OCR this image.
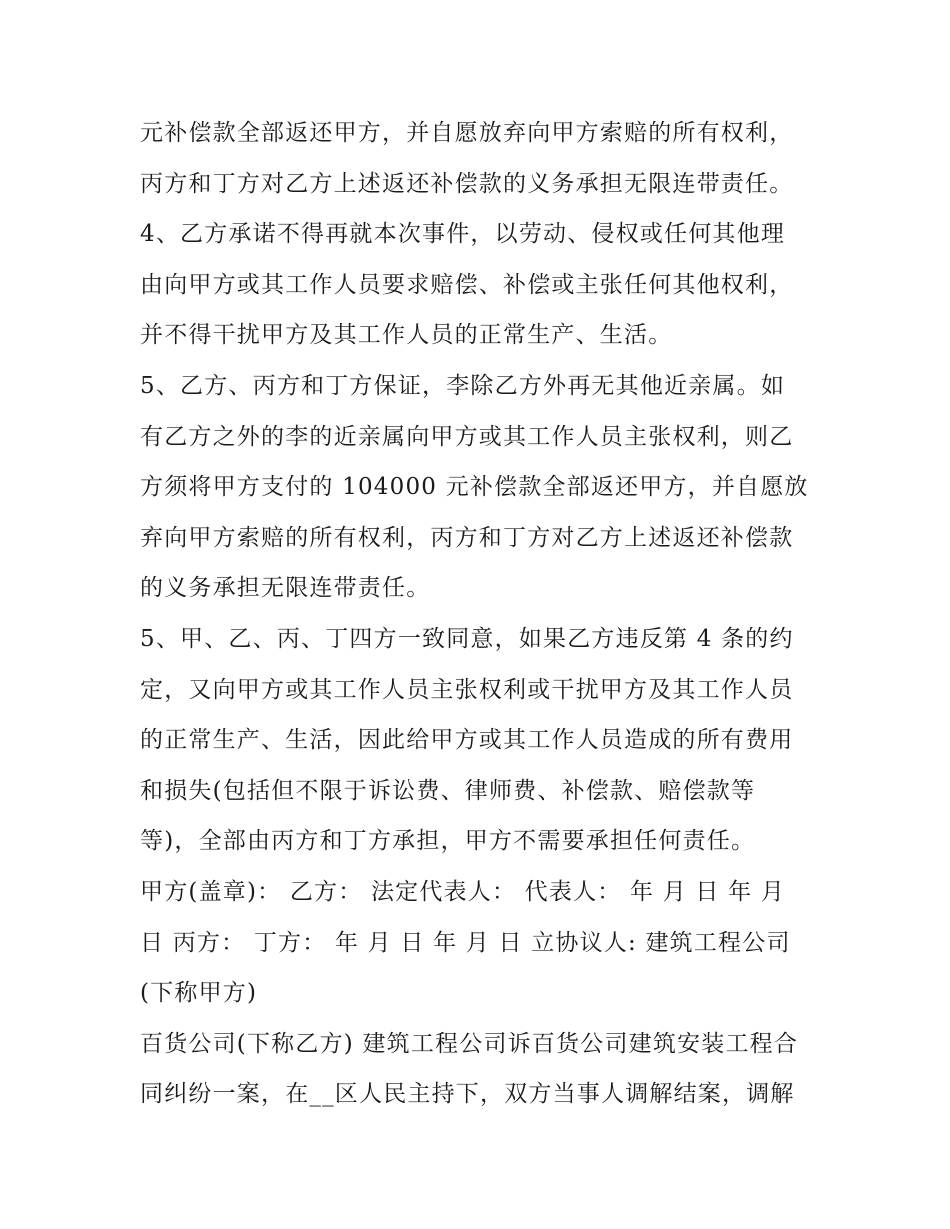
元补偿款全部返还甲方，并自愿放弃向甲方索赔的所有权利，
丙方和丁方对乙方上述返还补偿款的义务承担无限连带责任。
4、乙方承诺不得再就本次事件，以劳动、侵权或任何其他理
由向甲方或其工作人员要求赔偿、补偿或主张任何其他权利，
并不得干扰甲方及其工作人员的正常生产、生活。
5、乙方、丙方和丁方保证，李除乙方外再无其他近亲属。如
有乙方之外的李的近亲属向甲方或其工作人员主张权利，则乙
方须将甲方支付的 104000 元补偿款全部返还甲方，并自愿放
弃向甲方索赔的所有权利，丙方和丁方对乙方上述返还补偿款
的义务承担无限连带责任。
5、甲、乙、丙、丁四方一致同意，如果乙方违反第 4 条的约
定，又向甲方或其工作人员主张权利或干扰甲方及其工作人员
的正常生产、生活，因此给甲方或其工作人员造成的所有费用
和损失(包括但不限于诉讼费、律师费、补偿款、赔偿款等
等)，全部由丙方和丁方承担，甲方不需要承担任何责任。
甲方(盖章)： 乙方： 法定代表人： 代表人： 年 月 日 年 月
日 丙方： 丁方： 年 月 日 年 月 日 立协议人: 建筑工程公司
(下称甲方)
百货公司(下称乙方) 建筑工程公司诉百货公司建筑安装工程合
同纠纷一案，在__区人民主持下，双方当事人调解结案，调解
